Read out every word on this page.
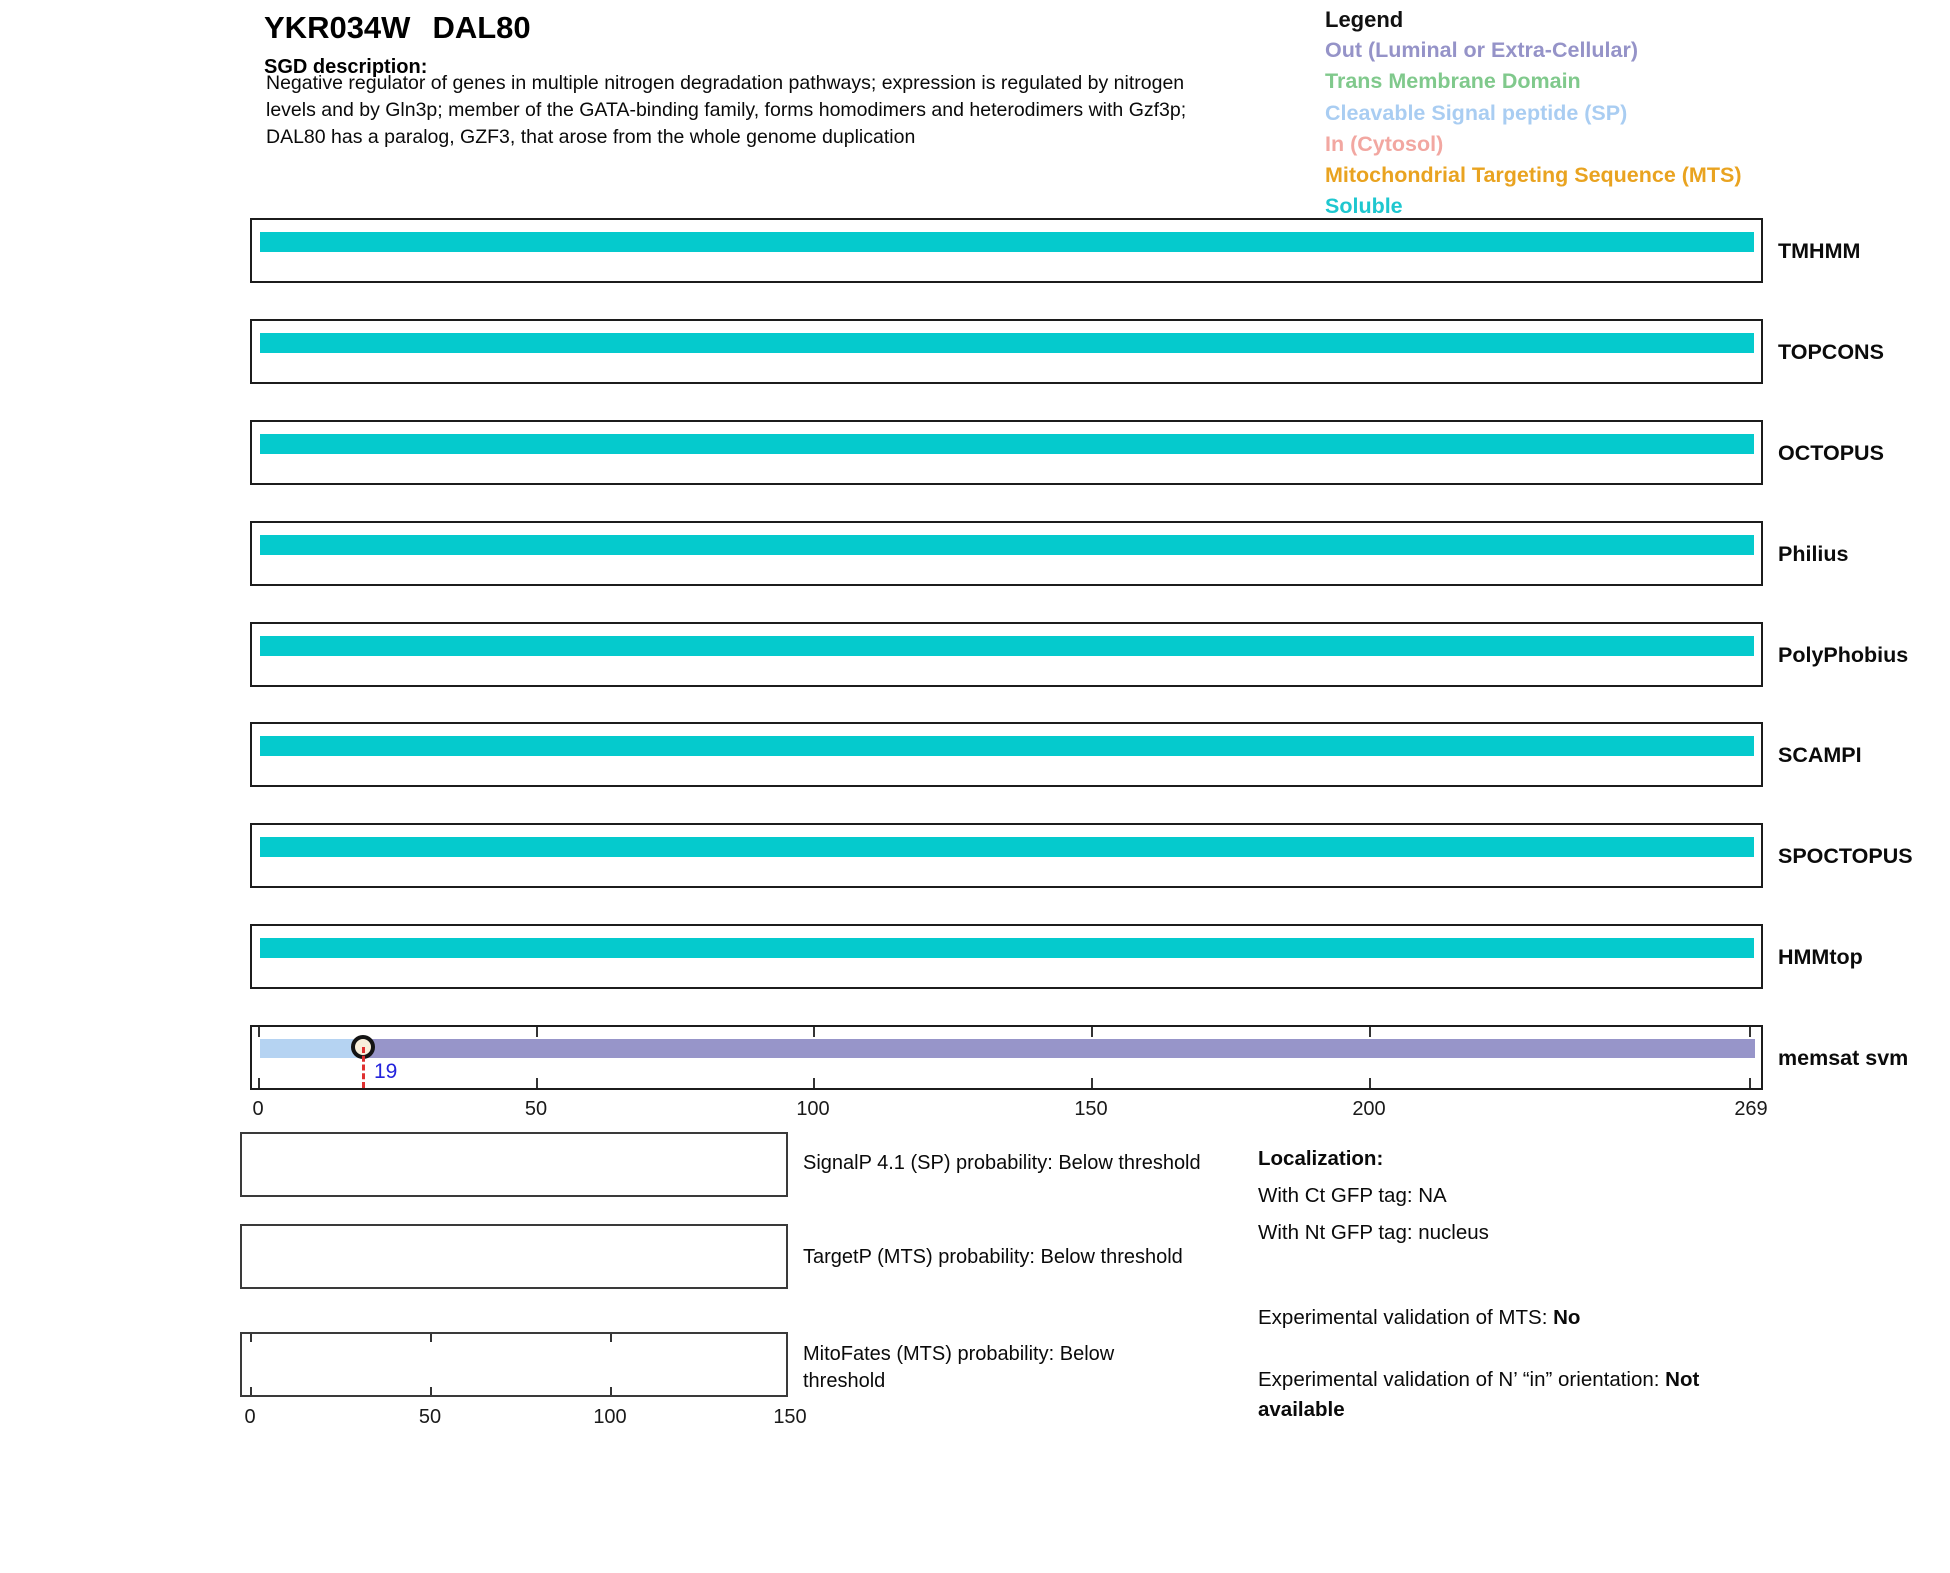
YKR034W DAL80
SGD description:
Negative regulator of genes in multiple nitrogen degradation pathways; expression is regulated by nitrogen
levels and by Gln3p; member of the GATA-binding family, forms homodimers and heterodimers with Gzf3p;
DAL80 has a paralog, GZF3, that arose from the whole genome duplication
Legend
Out (Luminal or Extra-Cellular)
Trans Membrane Domain
Cleavable Signal peptide (SP)
In (Cytosol)
Mitochondrial Targeting Sequence (MTS)
Soluble
TMHMM
TOPCONS
OCTOPUS
Philius
PolyPhobius
SCAMPI
SPOCTOPUS
HMMtop
19
memsat svm
0	50	100	150	200	269
SignalP 4.1 (SP) probability: Below threshold
TargetP (MTS) probability: Below threshold
MitoFates (MTS) probability: Below threshold
0	50	100	150
Localization:
With Ct GFP tag: NA
With Nt GFP tag: nucleus
Experimental validation of MTS: No
Experimental validation of N’ “in” orientation: Not available
